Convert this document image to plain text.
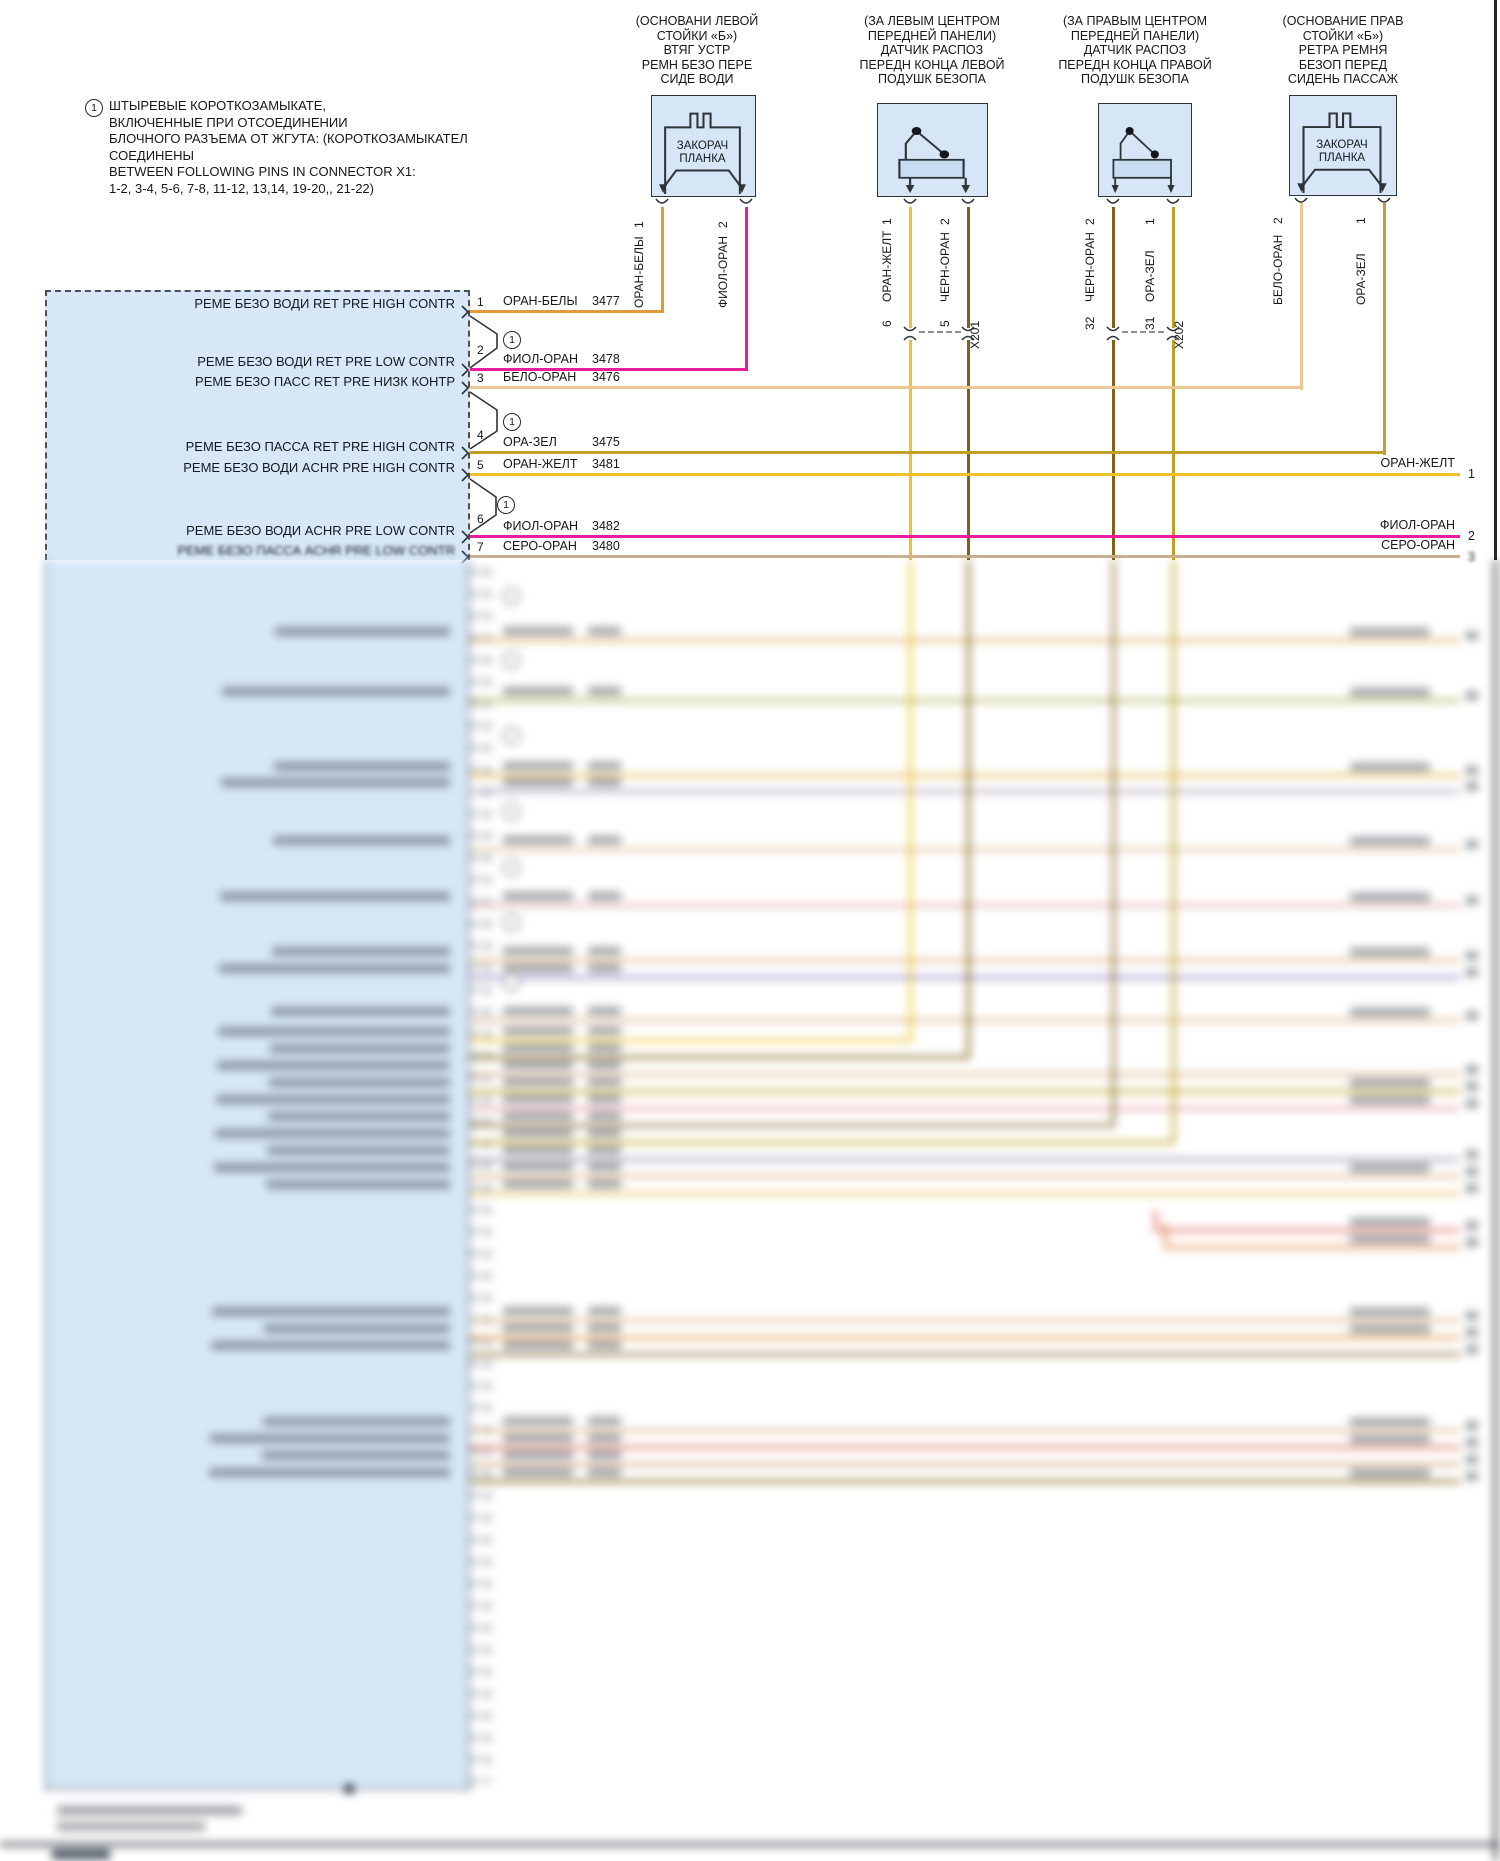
1 ШТЫРЕВЫЕ КОРОТКОЗАМЫКАТЕ,
ВКЛЮЧЕННЫЕ ПРИ ОТСОЕДИНЕНИИ
БЛОЧНОГО РАЗЪЕМА ОТ ЖГУТА: (КОРОТКОЗАМЫКАТЕЛ
СОЕДИНЕНЫ
BETWEEN FOLLOWING PINS IN CONNECTOR X1:
1-2, 3-4, 5-6, 7-8, 11-12, 13,14, 19-20,, 21-22)
(ОСНОВАНИ ЛЕВОЙ
СТОЙКИ «Б»)
ВТЯГ УСТР
РЕМН БЕЗО ПЕРЕ
СИДЕ ВОДИ
(ЗА ЛЕВЫМ ЦЕНТРОМ
ПЕРЕДНЕЙ ПАНЕЛИ)
ДАТЧИК РАСПОЗ
ПЕРЕДН КОНЦА ЛЕВОЙ
ПОДУШК БЕЗОПА
(ЗА ПРАВЫМ ЦЕНТРОМ
ПЕРЕДНЕЙ ПАНЕЛИ)
ДАТЧИК РАСПОЗ
ПЕРЕДН КОНЦА ПРАВОЙ
ПОДУШК БЕЗОПА
(ОСНОВАНИЕ ПРАВ
СТОЙКИ «Б»)
РЕТРА РЕМНЯ
БЕЗОП ПЕРЕД
СИДЕНЬ ПАССАЖ
ЗАКОРАЧ
ПЛАНКА
ЗАКОРАЧ
ПЛАНКА
1
ОРАН-БЕЛЫ
2
ФИОЛ-ОРАН
1
ОРАН-ЖЕЛТ
6
2
ЧЕРН-ОРАН
5 X201
2
ЧЕРН-ОРАН
32
1
ОРА-ЗЕЛ
31 X202
2
БЕЛО-ОРАН
1
ОРА-ЗЕЛ
РЕМЕ БЕЗО ВОДИ RET PRE HIGH CONTR 1 ОРАН-БЕЛЫ 3477
РЕМЕ БЕЗО ВОДИ RET PRE LOW CONTR
2
ФИОЛ-ОРАН 3478
РЕМЕ БЕЗО ПАСС RET PRE НИЗК КОНТР 3 БЕЛО-ОРАН 3476
РЕМЕ БЕЗО ПАССА RET PRE HIGH CONTR
4 ОРА-ЗЕЛ	3475
РЕМЕ БЕЗО ВОДИ ACHR PRE HIGH CONTR 5 ОРАН-ЖЕЛТ 3481
РЕМЕ БЕЗО ВОДИ ACHR PRE LOW CONTR
6 ФИОЛ-ОРАН 3482
РЕМЕ БЕЗО ПАССА ACHR PRE LOW CONTR 7 СЕРО-ОРАН 3480
1
1
1
ОРАН-ЖЕЛТ
1
ФИОЛ-ОРАН
2
СЕРО-ОРАН
3
